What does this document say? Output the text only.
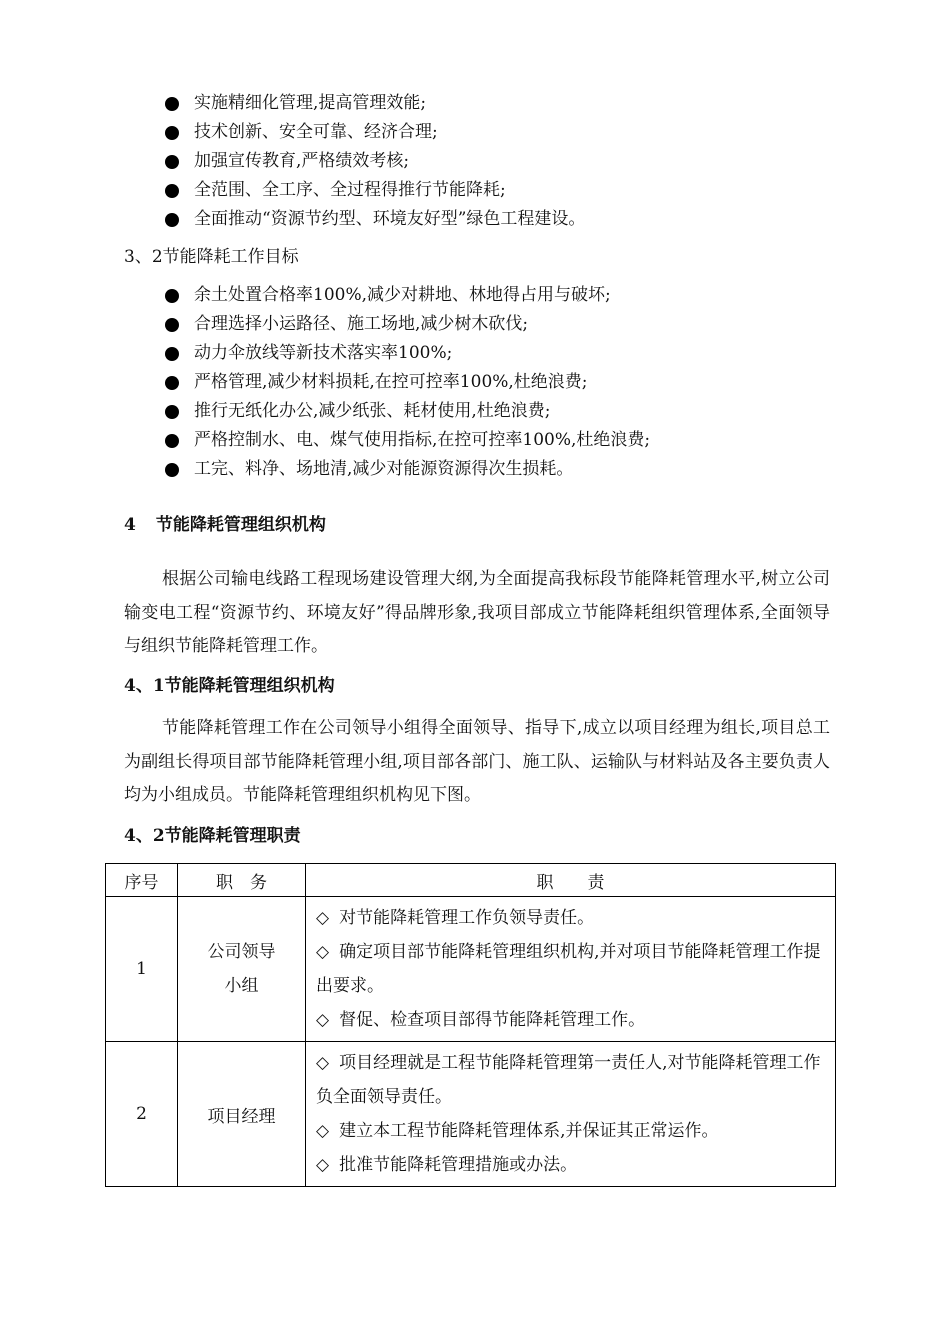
实施精细化管理,提高管理效能;
技术创新、安全可靠、经济合理;
加强宣传教育,严格绩效考核;
全范围、全工序、全过程得推行节能降耗;
全面推动“资源节约型、环境友好型”绿色工程建设。
3、2节能降耗工作目标
余土处置合格率100%,减少对耕地、林地得占用与破坏;
合理选择小运路径、施工场地,减少树木砍伐;
动力伞放线等新技术落实率100%;
严格管理,减少材料损耗,在控可控率100%,杜绝浪费;
推行无纸化办公,减少纸张、耗材使用,杜绝浪费;
严格控制水、电、煤气使用指标,在控可控率100%,杜绝浪费;
工完、料净、场地清,减少对能源资源得次生损耗。
4 节能降耗管理组织机构

根据公司输电线路工程现场建设管理大纲,为全面提高我标段节能降耗管理水平,树立公司输变电工程“资源节约、环境友好”得品牌形象,我项目部成立节能降耗组织管理体系,全面领导与组织节能降耗管理工作。

4、1节能降耗管理组织机构

节能降耗管理工作在公司领导小组得全面领导、指导下,成立以项目经理为组长,项目总工为副组长得项目部节能降耗管理小组,项目部各部门、施工队、运输队与材料站及各主要负责人均为小组成员。节能降耗管理组织机构见下图。

4、2节能降耗管理职责
序号	职　务	职　　责
1	公司领导小组	◇ 对节能降耗管理工作负领导责任。
◇ 确定项目部节能降耗管理组织机构,并对项目节能降耗管理工作提出要求。
◇ 督促、检查项目部得节能降耗管理工作。

2	项目经理	◇ 项目经理就是工程节能降耗管理第一责任人,对节能降耗管理工作负全面领导责任。
◇ 建立本工程节能降耗管理体系,并保证其正常运作。
◇ 批准节能降耗管理措施或办法。
